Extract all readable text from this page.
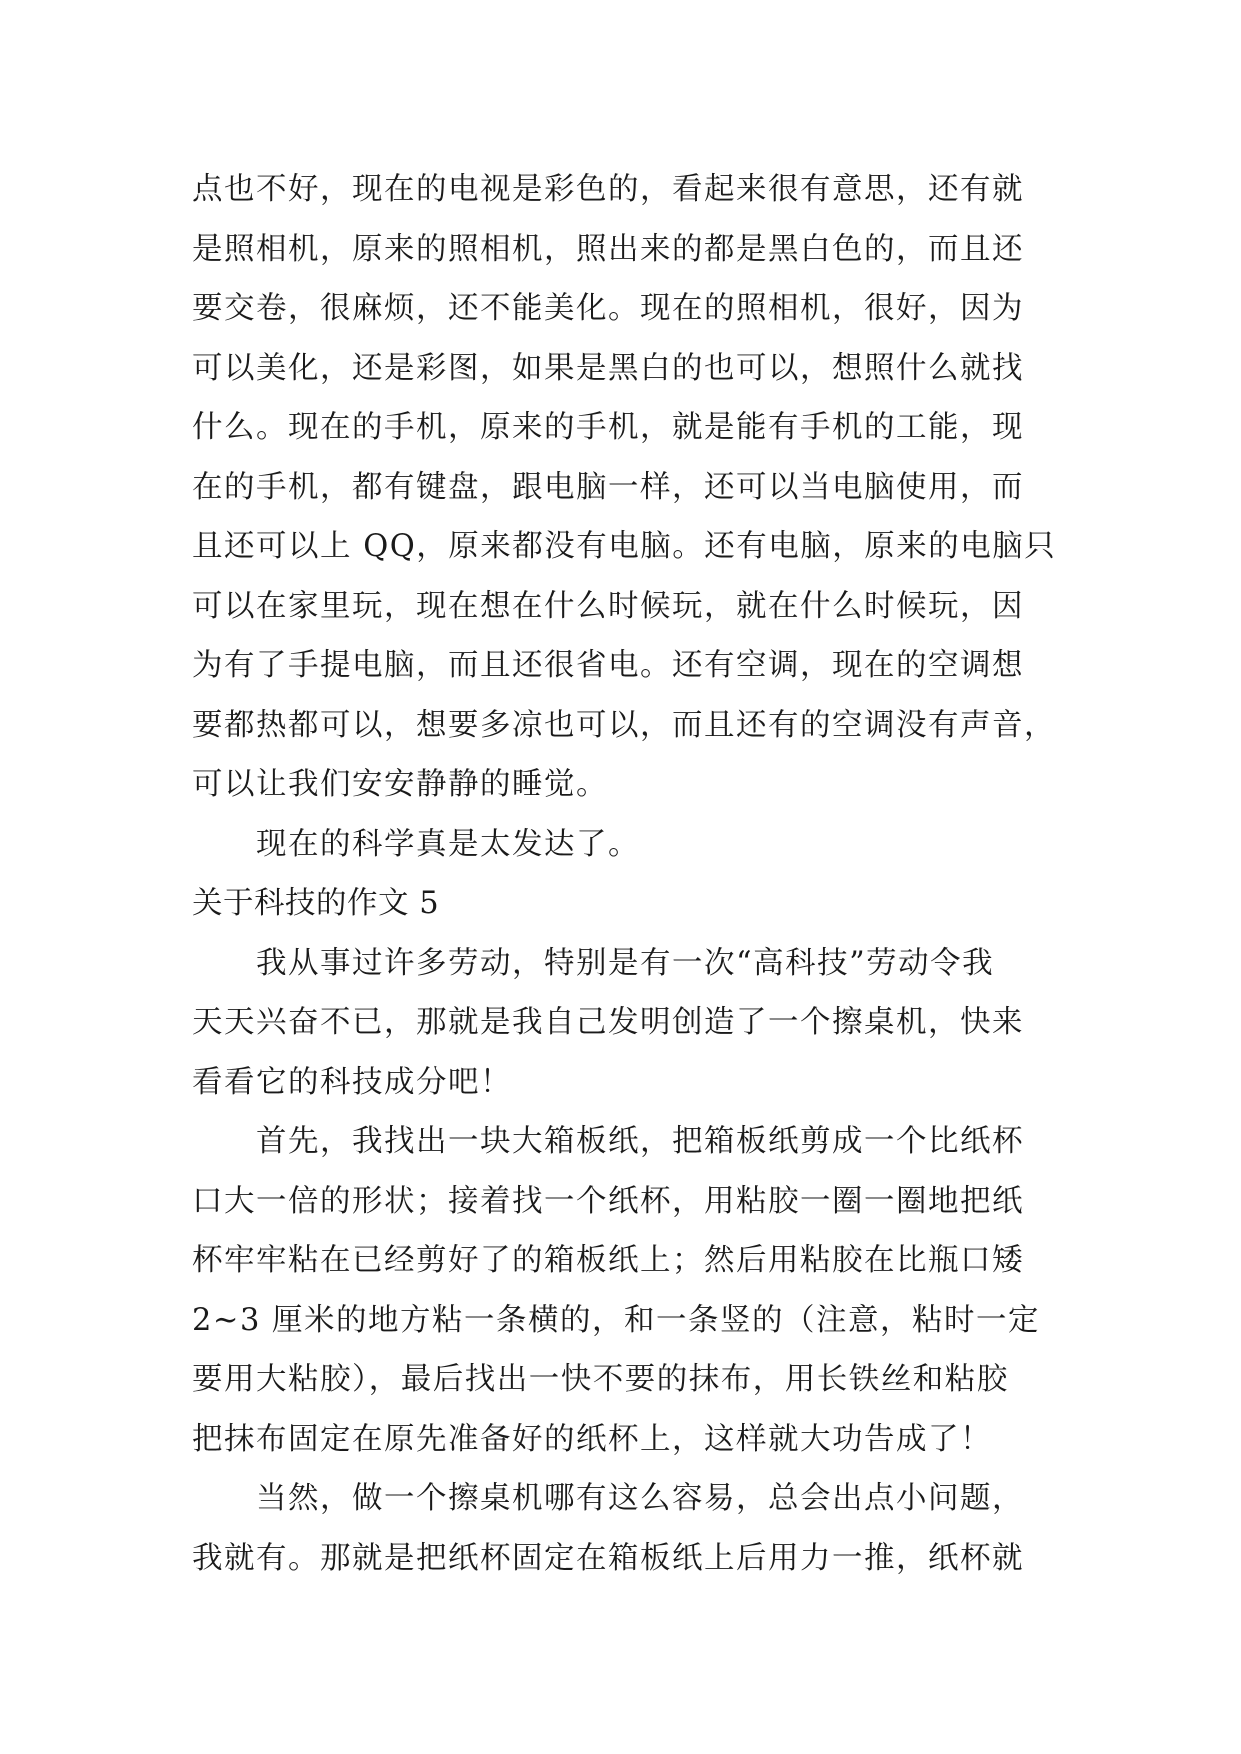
点也不好，现在的电视是彩色的，看起来很有意思，还有就
是照相机，原来的照相机，照出来的都是黑白色的，而且还
要交卷，很麻烦，还不能美化。现在的照相机，很好，因为
可以美化，还是彩图，如果是黑白的也可以，想照什么就找
什么。现在的手机，原来的手机，就是能有手机的工能，现
在的手机，都有键盘，跟电脑一样，还可以当电脑使用，而
且还可以上 QQ，原来都没有电脑。还有电脑，原来的电脑只
可以在家里玩，现在想在什么时候玩，就在什么时候玩，因
为有了手提电脑，而且还很省电。还有空调，现在的空调想
要都热都可以，想要多凉也可以，而且还有的空调没有声音，
可以让我们安安静静的睡觉。

现在的科学真是太发达了。

关于科技的作文 5

我从事过许多劳动，特别是有一次“高科技”劳动令我

天天兴奋不已，那就是我自己发明创造了一个擦桌机，快来
看看它的科技成分吧！

首先，我找出一块大箱板纸，把箱板纸剪成一个比纸杯

口大一倍的形状；接着找一个纸杯，用粘胶一圈一圈地把纸
杯牢牢粘在已经剪好了的箱板纸上；然后用粘胶在比瓶口矮
2~3 厘米的地方粘一条横的，和一条竖的（注意，粘时一定
要用大粘胶），最后找出一快不要的抹布，用长铁丝和粘胶
把抹布固定在原先准备好的纸杯上，这样就大功告成了！

当然，做一个擦桌机哪有这么容易，总会出点小问题，

我就有。那就是把纸杯固定在箱板纸上后用力一推，纸杯就
